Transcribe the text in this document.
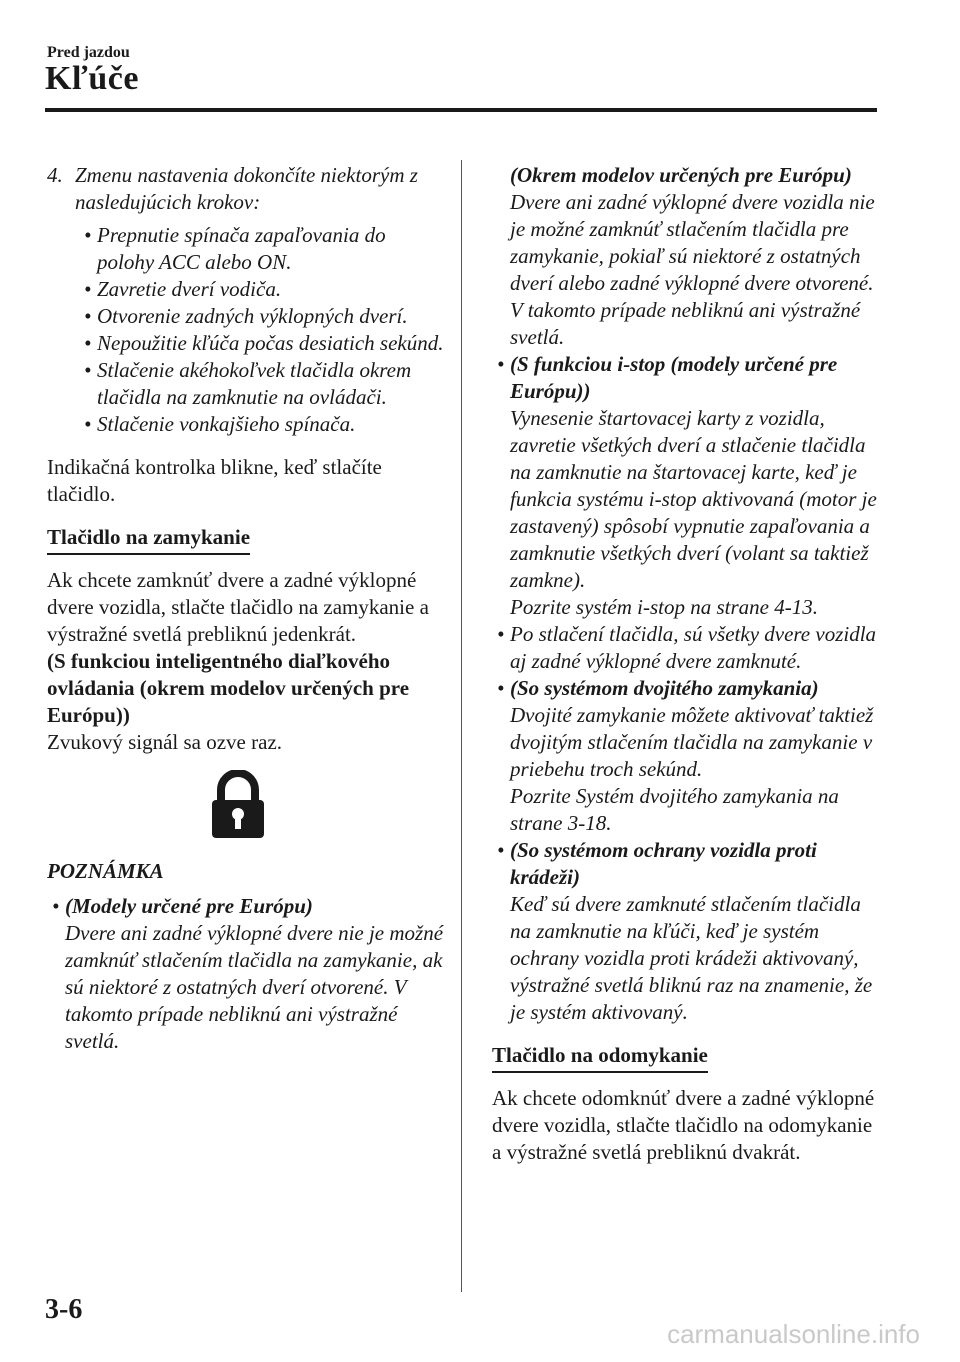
Pred jazdou
Kľúče
4. Zmenu nastavenia dokončíte niektorým z nasledujúcich krokov:
• Prepnutie spínača zapaľovania do polohy ACC alebo ON.
• Zavretie dverí vodiča.
• Otvorenie zadných výklopných dverí.
• Nepoužitie kľúča počas desiatich sekúnd.
• Stlačenie akéhokoľvek tlačidla okrem tlačidla na zamknutie na ovládači.
• Stlačenie vonkajšieho spínača.

Indikačná kontrolka blikne, keď stlačíte tlačidlo.

Tlačidlo na zamykanie

Ak chcete zamknúť dvere a zadné výklopné dvere vozidla, stlačte tlačidlo na zamykanie a výstražné svetlá prebliknú jedenkrát.

(S funkciou inteligentného diaľkového ovládania (okrem modelov určených pre Európu))

Zvukový signál sa ozve raz.

POZNÁMKA
• (Modely určené pre Európu)
Dvere ani zadné výklopné dvere nie je možné zamknúť stlačením tlačidla na zamykanie, ak sú niektoré z ostatných dverí otvorené. V takomto prípade nebliknú ani výstražné svetlá.
(Okrem modelov určených pre Európu)
Dvere ani zadné výklopné dvere vozidla nie je možné zamknúť stlačením tlačidla pre zamykanie, pokiaľ sú niektoré z ostatných dverí alebo zadné výklopné dvere otvorené. V takomto prípade nebliknú ani výstražné svetlá.
• (S funkciou i-stop (modely určené pre Európu))
Vynesenie štartovacej karty z vozidla, zavretie všetkých dverí a stlačenie tlačidla na zamknutie na štartovacej karte, keď je funkcia systému i-stop aktivovaná (motor je zastavený) spôsobí vypnutie zapaľovania a zamknutie všetkých dverí (volant sa taktiež zamkne).
Pozrite systém i-stop na strane 4-13.
• Po stlačení tlačidla, sú všetky dvere vozidla aj zadné výklopné dvere zamknuté.
• (So systémom dvojitého zamykania)
Dvojité zamykanie môžete aktivovať taktiež dvojitým stlačením tlačidla na zamykanie v priebehu troch sekúnd.
Pozrite Systém dvojitého zamykania na strane 3-18.
• (So systémom ochrany vozidla proti krádeži)
Keď sú dvere zamknuté stlačením tlačidla na zamknutie na kľúči, keď je systém ochrany vozidla proti krádeži aktivovaný, výstražné svetlá bliknú raz na znamenie, že je systém aktivovaný.
Tlačidlo na odomykanie

Ak chcete odomknúť dvere a zadné výklopné dvere vozidla, stlačte tlačidlo na odomykanie a výstražné svetlá prebliknú dvakrát.

3-6
carmanualsonline.info
